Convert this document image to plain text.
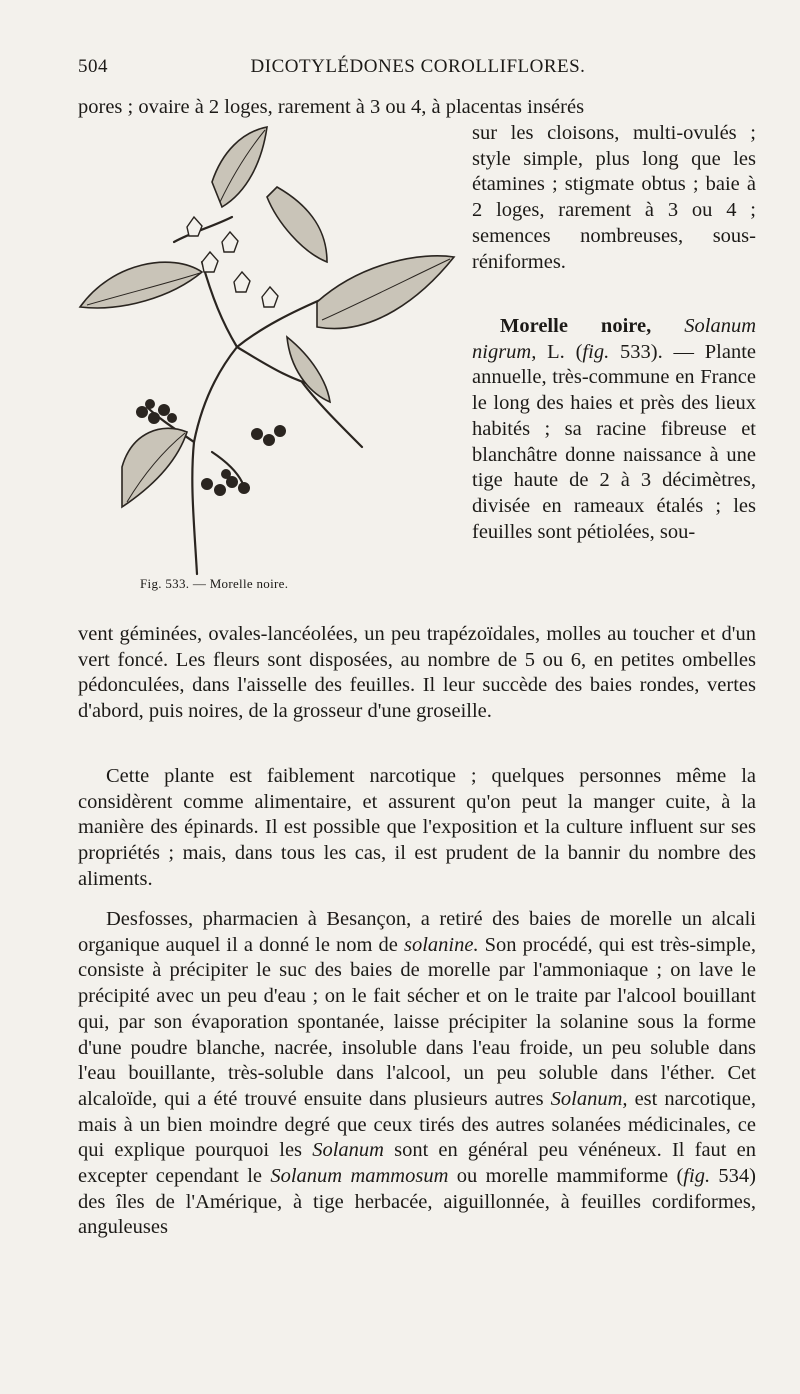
504	DICOTYLÉDONES COROLLIFLORES.

pores ; ovaire à 2 loges, rarement à 3 ou 4, à placentas insérés

Fig. 533. — Morelle noire.

sur les cloisons, multi-ovulés ; style simple, plus long que les étamines ; stigmate obtus ; baie à 2 loges, rarement à 3 ou 4 ; semences nombreuses, sous-réniformes.

Morelle noire, Solanum nigrum, L. (fig. 533). — Plante annuelle, très-commune en France le long des haies et près des lieux habités ; sa racine fibreuse et blanchâtre donne naissance à une tige haute de 2 à 3 décimètres, divisée en rameaux étalés ; les feuilles sont pétiolées, sou-

vent géminées, ovales-lancéolées, un peu trapézoïdales, molles au toucher et d'un vert foncé. Les fleurs sont disposées, au nombre de 5 ou 6, en petites ombelles pédonculées, dans l'aisselle des feuilles. Il leur succède des baies rondes, vertes d'abord, puis noires, de la grosseur d'une groseille.

Cette plante est faiblement narcotique ; quelques personnes même la considèrent comme alimentaire, et assurent qu'on peut la manger cuite, à la manière des épinards. Il est possible que l'exposition et la culture influent sur ses propriétés ; mais, dans tous les cas, il est prudent de la bannir du nombre des aliments.

Desfosses, pharmacien à Besançon, a retiré des baies de morelle un alcali organique auquel il a donné le nom de solanine. Son procédé, qui est très-simple, consiste à précipiter le suc des baies de morelle par l'ammoniaque ; on lave le précipité avec un peu d'eau ; on le fait sécher et on le traite par l'alcool bouillant qui, par son évaporation spontanée, laisse précipiter la solanine sous la forme d'une poudre blanche, nacrée, insoluble dans l'eau froide, un peu soluble dans l'eau bouillante, très-soluble dans l'alcool, un peu soluble dans l'éther. Cet alcaloïde, qui a été trouvé ensuite dans plusieurs autres Solanum, est narcotique, mais à un bien moindre degré que ceux tirés des autres solanées médicinales, ce qui explique pourquoi les Solanum sont en général peu vénéneux. Il faut en excepter cependant le Solanum mammosum ou morelle mammiforme (fig. 534) des îles de l'Amérique, à tige herbacée, aiguillonnée, à feuilles cordiformes, anguleuses
